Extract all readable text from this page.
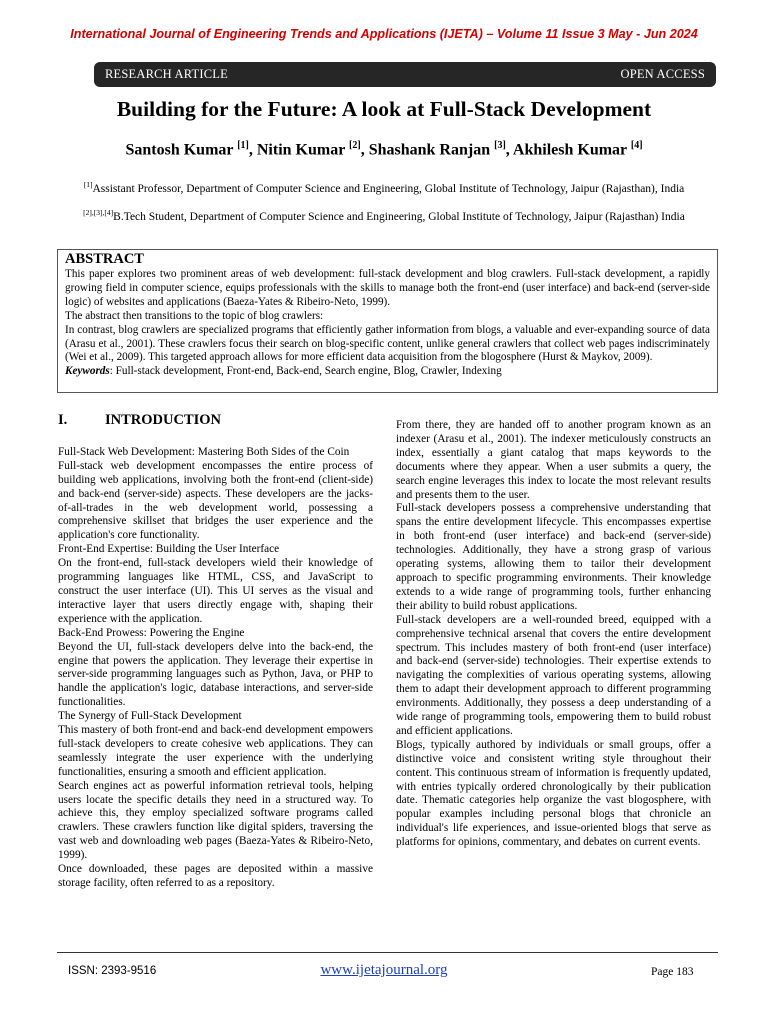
International Journal of Engineering Trends and Applications (IJETA) – Volume 11 Issue 3 May - Jun 2024
RESEARCH ARTICLE	OPEN ACCESS
Building for the Future: A look at Full-Stack Development
Santosh Kumar [1], Nitin Kumar [2], Shashank Ranjan [3], Akhilesh Kumar [4]
[1]Assistant Professor, Department of Computer Science and Engineering, Global Institute of Technology, Jaipur (Rajasthan), India
[2],[3],[4]B.Tech Student, Department of Computer Science and Engineering, Global Institute of Technology, Jaipur (Rajasthan) India
ABSTRACT

This paper explores two prominent areas of web development: full-stack development and blog crawlers. Full-stack development, a rapidly growing field in computer science, equips professionals with the skills to manage both the front-end (user interface) and back-end (server-side logic) of websites and applications (Baeza-Yates & Ribeiro-Neto, 1999).

The abstract then transitions to the topic of blog crawlers:

In contrast, blog crawlers are specialized programs that efficiently gather information from blogs, a valuable and ever-expanding source of data (Arasu et al., 2001). These crawlers focus their search on blog-specific content, unlike general crawlers that collect web pages indiscriminately (Wei et al., 2009). This targeted approach allows for more efficient data acquisition from the blogosphere (Hurst & Maykov, 2009).

Keywords: Full-stack development, Front-end, Back-end, Search engine, Blog, Crawler, Indexing

I.	INTRODUCTION

Full-Stack Web Development: Mastering Both Sides of the Coin

Full-stack web development encompasses the entire process of building web applications, involving both the front-end (client-side) and back-end (server-side) aspects. These developers are the jacks-of-all-trades in the web development world, possessing a comprehensive skillset that bridges the user experience and the application's core functionality.

Front-End Expertise: Building the User Interface

On the front-end, full-stack developers wield their knowledge of programming languages like HTML, CSS, and JavaScript to construct the user interface (UI). This UI serves as the visual and interactive layer that users directly engage with, shaping their experience with the application.

Back-End Prowess: Powering the Engine

Beyond the UI, full-stack developers delve into the back-end, the engine that powers the application. They leverage their expertise in server-side programming languages such as Python, Java, or PHP to handle the application's logic, database interactions, and server-side functionalities.

The Synergy of Full-Stack Development

This mastery of both front-end and back-end development empowers full-stack developers to create cohesive web applications. They can seamlessly integrate the user experience with the underlying functionalities, ensuring a smooth and efficient application.

Search engines act as powerful information retrieval tools, helping users locate the specific details they need in a structured way. To achieve this, they employ specialized software programs called crawlers. These crawlers function like digital spiders, traversing the vast web and downloading web pages (Baeza-Yates & Ribeiro-Neto, 1999).

Once downloaded, these pages are deposited within a massive storage facility, often referred to as a repository.

From there, they are handed off to another program known as an indexer (Arasu et al., 2001). The indexer meticulously constructs an index, essentially a giant catalog that maps keywords to the documents where they appear. When a user submits a query, the search engine leverages this index to locate the most relevant results and presents them to the user.

Full-stack developers possess a comprehensive understanding that spans the entire development lifecycle. This encompasses expertise in both front-end (user interface) and back-end (server-side) technologies. Additionally, they have a strong grasp of various operating systems, allowing them to tailor their development approach to specific programming environments. Their knowledge extends to a wide range of programming tools, further enhancing their ability to build robust applications.

Full-stack developers are a well-rounded breed, equipped with a comprehensive technical arsenal that covers the entire development spectrum. This includes mastery of both front-end (user interface) and back-end (server-side) technologies. Their expertise extends to navigating the complexities of various operating systems, allowing them to adapt their development approach to different programming environments. Additionally, they possess a deep understanding of a wide range of programming tools, empowering them to build robust and efficient applications.

Blogs, typically authored by individuals or small groups, offer a distinctive voice and consistent writing style throughout their content. This continuous stream of information is frequently updated, with entries typically ordered chronologically by their publication date. Thematic categories help organize the vast blogosphere, with popular examples including personal blogs that chronicle an individual's life experiences, and issue-oriented blogs that serve as platforms for opinions, commentary, and debates on current events.

ISSN: 2393-9516	www.ijetajournal.org	Page 183
